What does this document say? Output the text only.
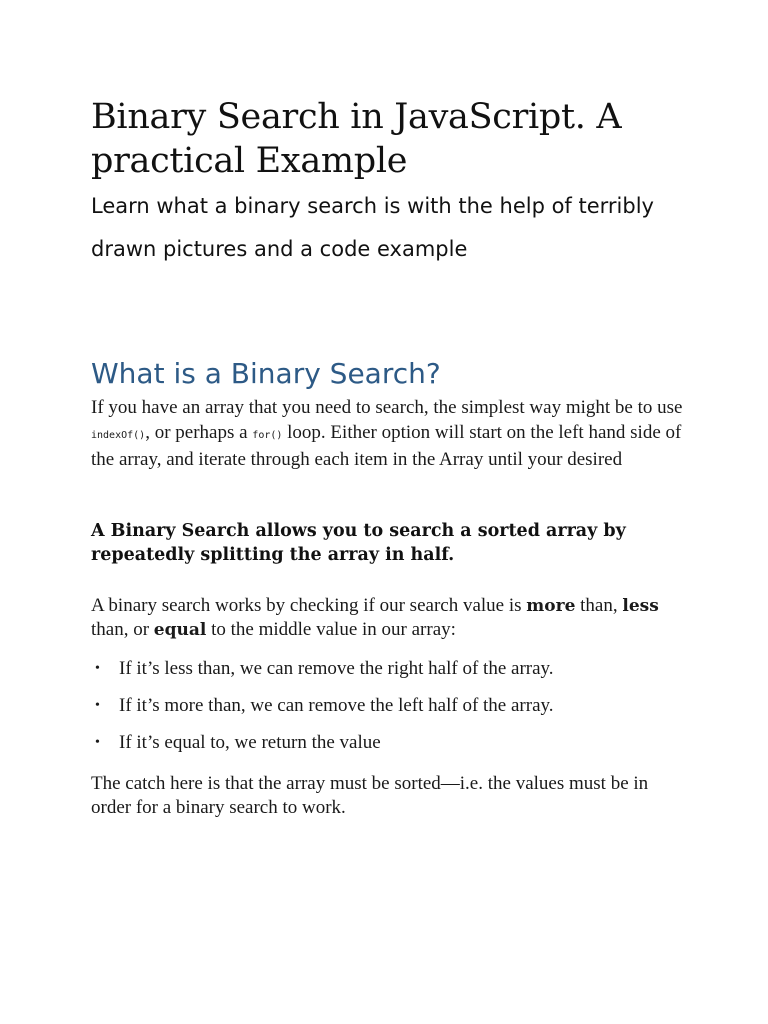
Binary Search in JavaScript. A practical Example
Learn what a binary search is with the help of terribly drawn pictures and a code example
What is a Binary Search?

If you have an array that you need to search, the simplest way might be to use indexOf(), or perhaps a for() loop. Either option will start on the left hand side of the array, and iterate through each item in the Array until your desired

A Binary Search allows you to search a sorted array by repeatedly splitting the array in half.

A binary search works by checking if our search value is more than, less than, or equal to the middle value in our array:

• If it’s less than, we can remove the right half of the array.
• If it’s more than, we can remove the left half of the array.
• If it’s equal to, we return the value

The catch here is that the array must be sorted—i.e. the values must be in order for a binary search to work.
